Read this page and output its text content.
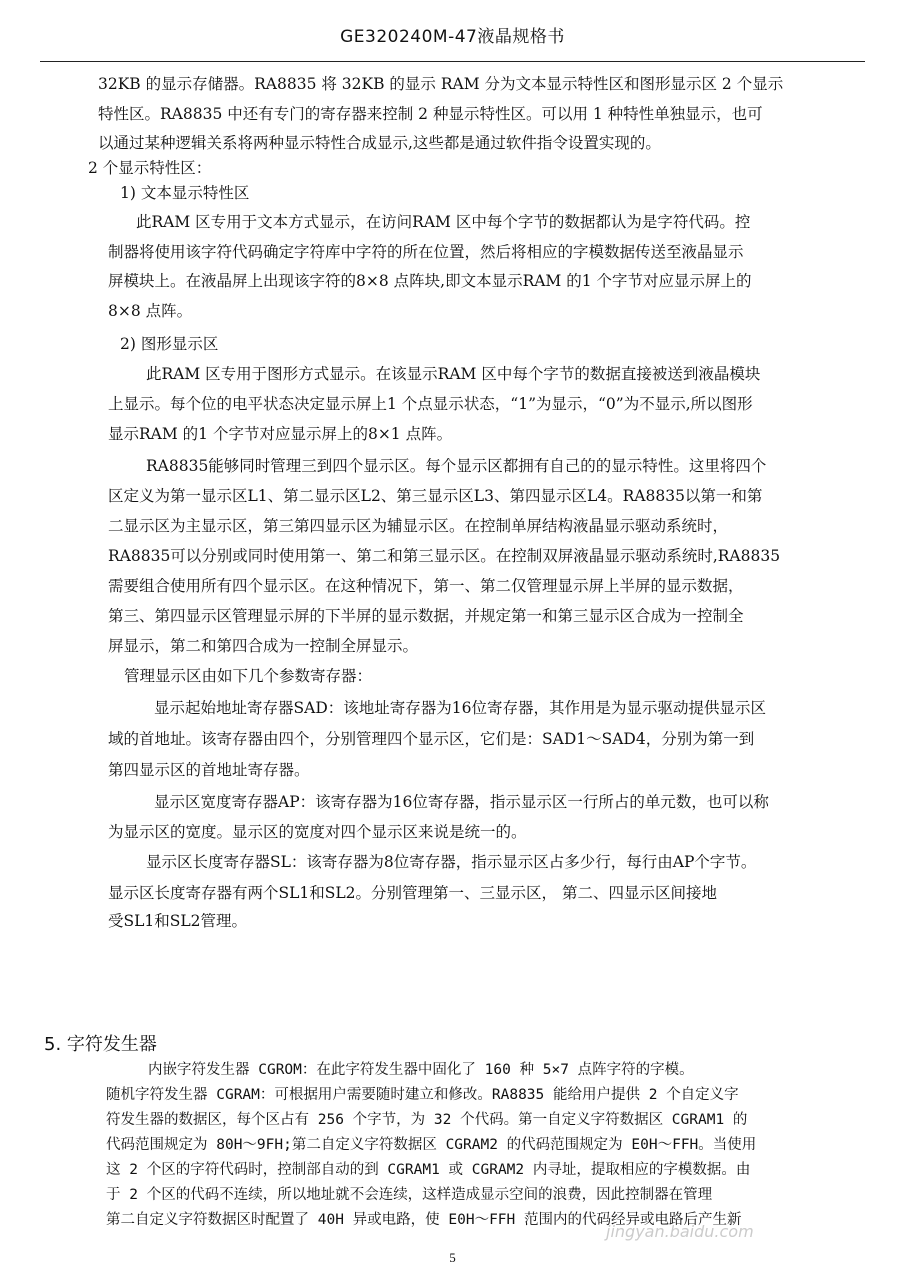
GE320240M-47液晶规格书
32KB 的显示存储器。RA8835 将 32KB 的显示 RAM 分为文本显示特性区和图形显示区 2 个显示
特性区。RA8835 中还有专门的寄存器来控制 2 种显示特性区。可以用 1 种特性单独显示，也可
以通过某种逻辑关系将两种显示特性合成显示,这些都是通过软件指令设置实现的。
2 个显示特性区：
1) 文本显示特性区
此RAM 区专用于文本方式显示，在访问RAM 区中每个字节的数据都认为是字符代码。控
制器将使用该字符代码确定字符库中字符的所在位置，然后将相应的字模数据传送至液晶显示
屏模块上。在液晶屏上出现该字符的8×8 点阵块,即文本显示RAM 的1 个字节对应显示屏上的
8×8 点阵。
2) 图形显示区
此RAM 区专用于图形方式显示。在该显示RAM 区中每个字节的数据直接被送到液晶模块
上显示。每个位的电平状态决定显示屏上1 个点显示状态，“1”为显示，“0”为不显示,所以图形
显示RAM 的1 个字节对应显示屏上的8×1 点阵。
RA8835能够同时管理三到四个显示区。每个显示区都拥有自己的的显示特性。这里将四个
区定义为第一显示区L1、第二显示区L2、第三显示区L3、第四显示区L4。RA8835以第一和第
二显示区为主显示区，第三第四显示区为辅显示区。在控制单屏结构液晶显示驱动系统时，
RA8835可以分别或同时使用第一、第二和第三显示区。在控制双屏液晶显示驱动系统时,RA8835
需要组合使用所有四个显示区。在这种情况下，第一、第二仅管理显示屏上半屏的显示数据，
第三、第四显示区管理显示屏的下半屏的显示数据，并规定第一和第三显示区合成为一控制全
屏显示，第二和第四合成为一控制全屏显示。
管理显示区由如下几个参数寄存器：
显示起始地址寄存器SAD：该地址寄存器为16位寄存器，其作用是为显示驱动提供显示区
域的首地址。该寄存器由四个，分别管理四个显示区，它们是：SAD1～SAD4，分别为第一到
第四显示区的首地址寄存器。
显示区宽度寄存器AP：该寄存器为16位寄存器，指示显示区一行所占的单元数，也可以称
为显示区的宽度。显示区的宽度对四个显示区来说是统一的。
显示区长度寄存器SL：该寄存器为8位寄存器，指示显示区占多少行，每行由AP个字节。
显示区长度寄存器有两个SL1和SL2。分别管理第一、三显示区， 第二、四显示区间接地
受SL1和SL2管理。
5. 字符发生器
内嵌字符发生器 CGROM：在此字符发生器中固化了 160 种 5×7 点阵字符的字模。
随机字符发生器 CGRAM：可根据用户需要随时建立和修改。RA8835 能给用户提供 2 个自定义字
符发生器的数据区，每个区占有 256 个字节，为 32 个代码。第一自定义字符数据区 CGRAM1 的
代码范围规定为 80H～9FH;第二自定义字符数据区 CGRAM2 的代码范围规定为 E0H～FFH。当使用
这 2 个区的字符代码时，控制部自动的到 CGRAM1 或 CGRAM2 内寻址，提取相应的字模数据。由
于 2 个区的代码不连续，所以地址就不会连续，这样造成显示空间的浪费，因此控制器在管理
第二自定义字符数据区时配置了 40H 异或电路，使 E0H～FFH 范围内的代码经异或电路后产生新
5
jingyan.baidu.com
